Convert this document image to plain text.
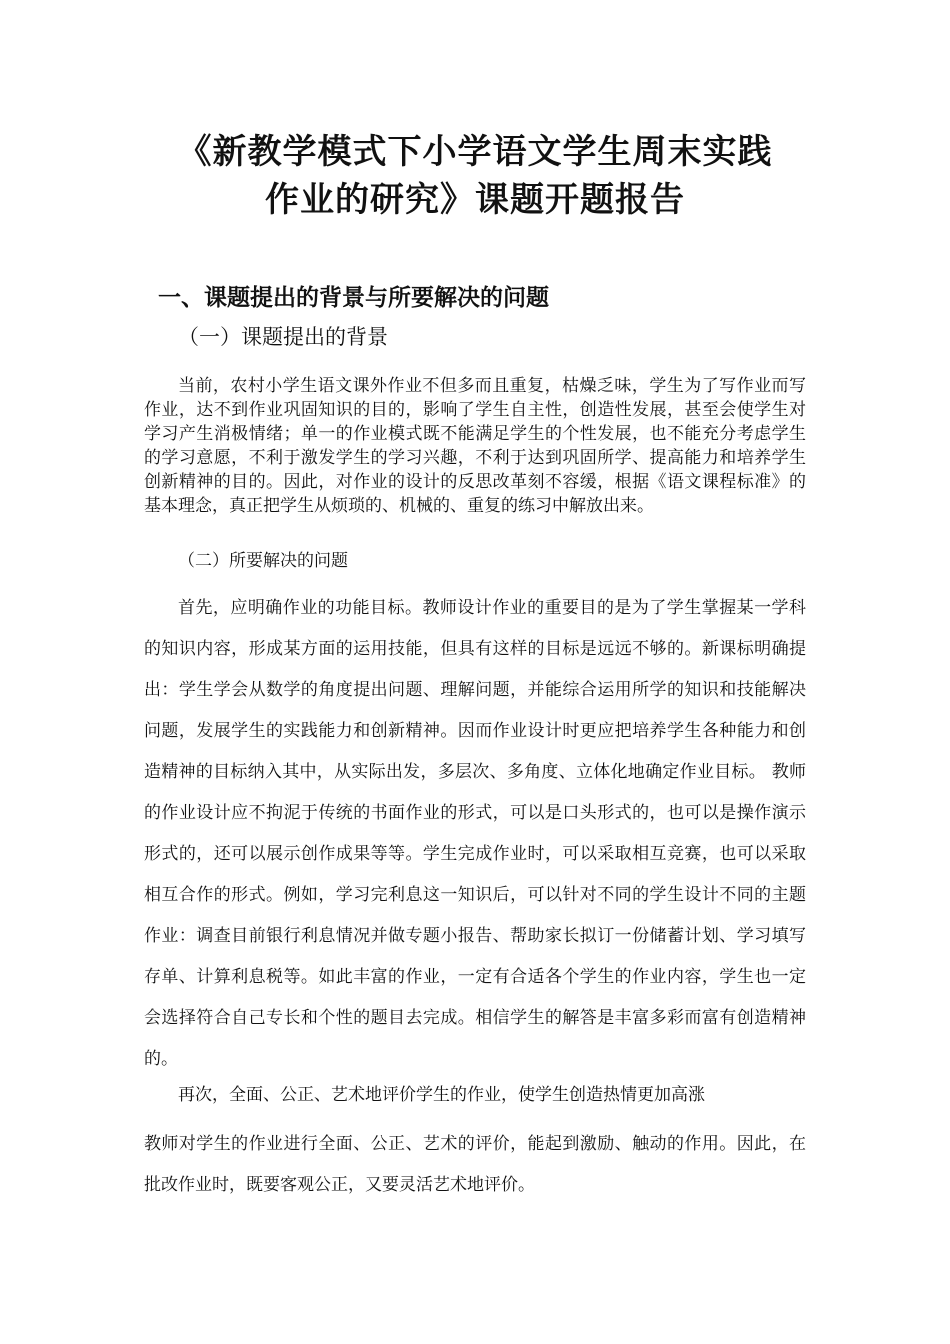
《新教学模式下小学语文学生周末实践
作业的研究》课题开题报告
一、课题提出的背景与所要解决的问题
（一）课题提出的背景

当前，农村小学生语文课外作业不但多而且重复，枯燥乏味，学生为了写作业而写作业，达不到作业巩固知识的目的，影响了学生自主性，创造性发展，甚至会使学生对学习产生消极情绪；单一的作业模式既不能满足学生的个性发展，也不能充分考虑学生的学习意愿，不利于激发学生的学习兴趣，不利于达到巩固所学、提高能力和培养学生创新精神的目的。因此，对作业的设计的反思改革刻不容缓，根据《语文课程标准》的基本理念，真正把学生从烦琐的、机械的、重复的练习中解放出来。

（二）所要解决的问题

首先，应明确作业的功能目标。教师设计作业的重要目的是为了学生掌握某一学科的知识内容，形成某方面的运用技能，但具有这样的目标是远远不够的。新课标明确提出：学生学会从数学的角度提出问题、理解问题，并能综合运用所学的知识和技能解决问题，发展学生的实践能力和创新精神。因而作业设计时更应把培养学生各种能力和创造精神的目标纳入其中，从实际出发，多层次、多角度、立体化地确定作业目标。 教师的作业设计应不拘泥于传统的书面作业的形式，可以是口头形式的，也可以是操作演示形式的，还可以展示创作成果等等。学生完成作业时，可以采取相互竞赛，也可以采取相互合作的形式。例如，学习完利息这一知识后，可以针对不同的学生设计不同的主题作业：调查目前银行利息情况并做专题小报告、帮助家长拟订一份储蓄计划、学习填写存单、计算利息税等。如此丰富的作业，一定有合适各个学生的作业内容，学生也一定会选择符合自己专长和个性的题目去完成。相信学生的解答是丰富多彩而富有创造精神的。

再次，全面、公正、艺术地评价学生的作业，使学生创造热情更加高涨

教师对学生的作业进行全面、公正、艺术的评价，能起到激励、触动的作用。因此，在批改作业时，既要客观公正，又要灵活艺术地评价。
